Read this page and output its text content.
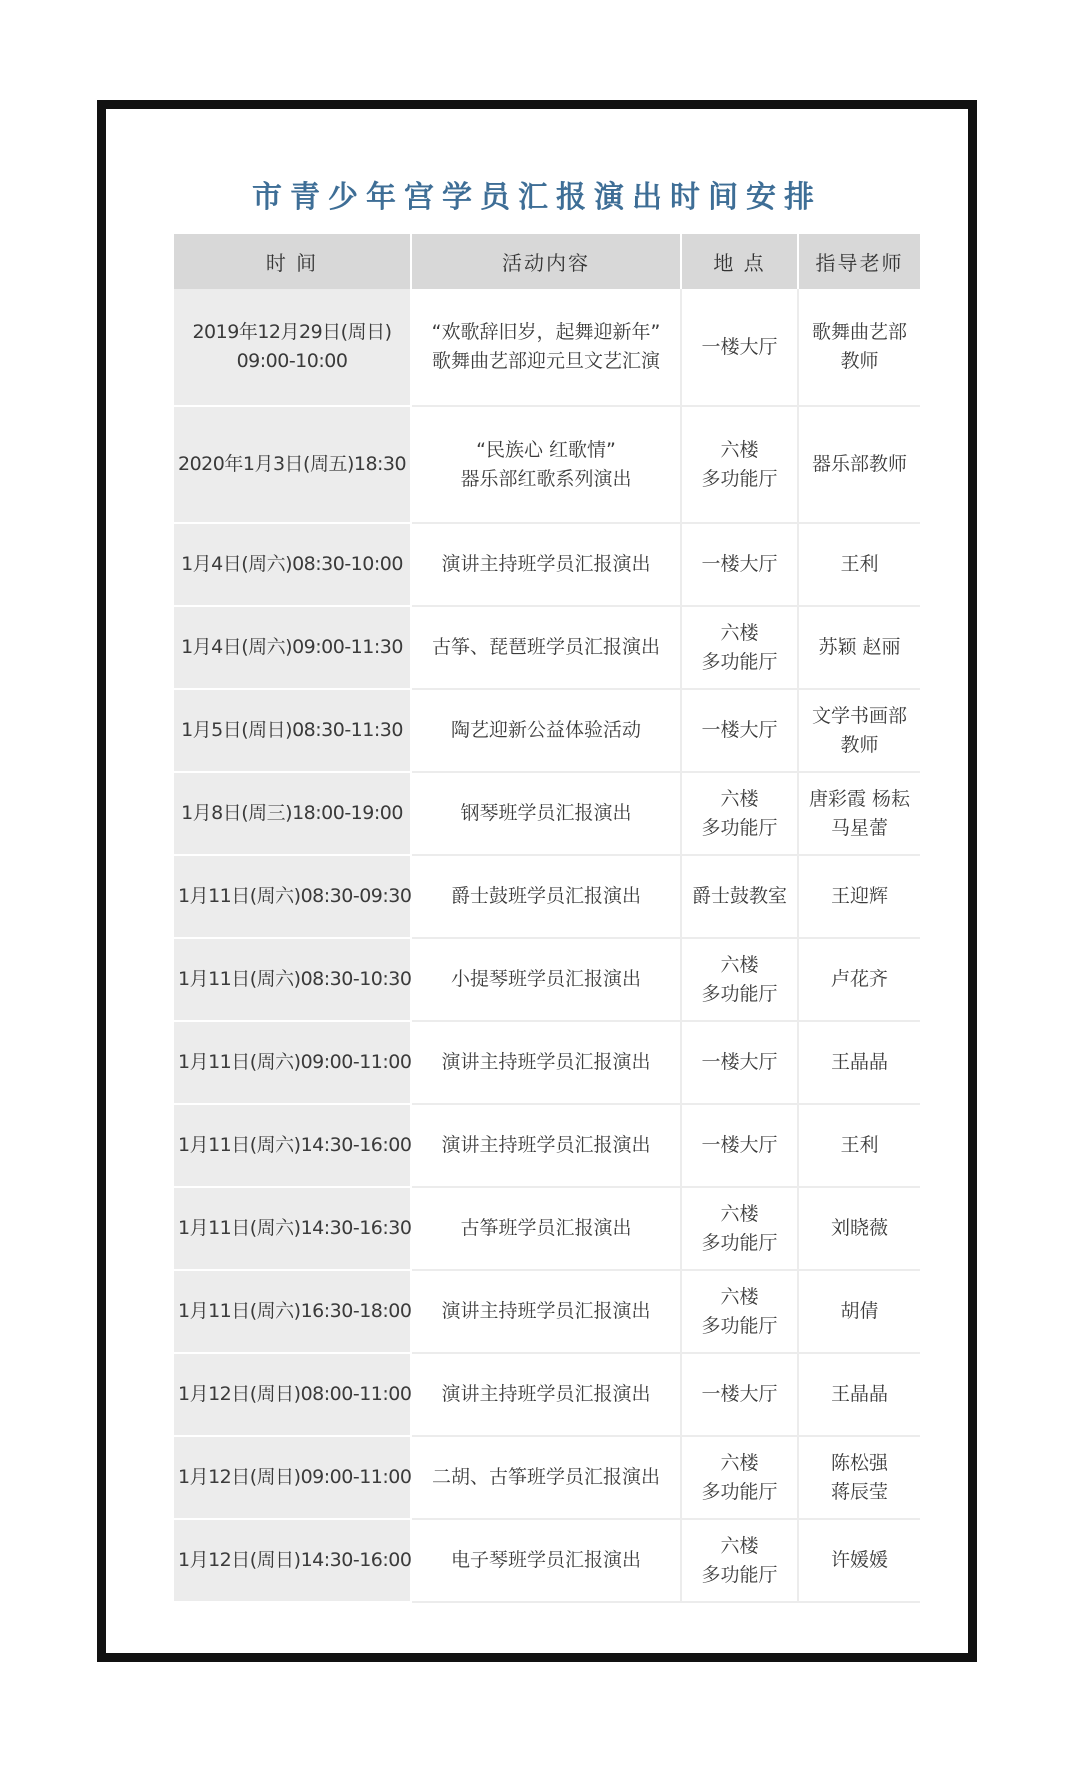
市青少年宫学员汇报演出时间安排
时 间	活动内容	地 点	指导老师

2019年12月29日(周日)
09:00-10:00	“欢歌辞旧岁，起舞迎新年”
歌舞曲艺部迎元旦文艺汇演	一楼大厅	歌舞曲艺部
教师

2020年1月3日(周五)18:30	“民族心 红歌情”
器乐部红歌系列演出	六楼
多功能厅	器乐部教师

1月4日(周六)08:30-10:00	演讲主持班学员汇报演出	一楼大厅	王利

1月4日(周六)09:00-11:30	古筝、琵琶班学员汇报演出	六楼
多功能厅	苏颖 赵丽

1月5日(周日)08:30-11:30	陶艺迎新公益体验活动	一楼大厅	文学书画部
教师

1月8日(周三)18:00-19:00	钢琴班学员汇报演出	六楼
多功能厅	唐彩霞 杨耘
马星蕾

1月11日(周六)08:30-09:30	爵士鼓班学员汇报演出	爵士鼓教室	王迎辉

1月11日(周六)08:30-10:30	小提琴班学员汇报演出	六楼
多功能厅	卢花齐

1月11日(周六)09:00-11:00	演讲主持班学员汇报演出	一楼大厅	王晶晶

1月11日(周六)14:30-16:00	演讲主持班学员汇报演出	一楼大厅	王利

1月11日(周六)14:30-16:30	古筝班学员汇报演出	六楼
多功能厅	刘晓薇

1月11日(周六)16:30-18:00	演讲主持班学员汇报演出	六楼
多功能厅	胡倩

1月12日(周日)08:00-11:00	演讲主持班学员汇报演出	一楼大厅	王晶晶

1月12日(周日)09:00-11:00	二胡、古筝班学员汇报演出	六楼
多功能厅	陈松强
蒋辰莹

1月12日(周日)14:30-16:00	电子琴班学员汇报演出	六楼
多功能厅	许媛媛
